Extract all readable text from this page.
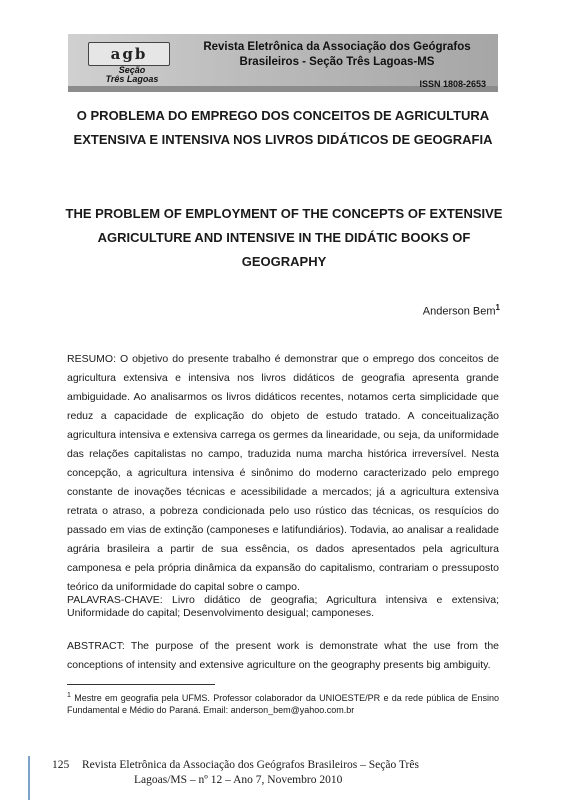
agb
Seção
Três Lagoas
Revista Eletrônica da Associação dos Geógrafos
Brasileiros - Seção Três Lagoas-MS
ISSN 1808-2653
O PROBLEMA DO EMPREGO DOS CONCEITOS DE AGRICULTURA EXTENSIVA E INTENSIVA NOS LIVROS DIDÁTICOS DE GEOGRAFIA
THE PROBLEM OF EMPLOYMENT OF THE CONCEPTS OF EXTENSIVE AGRICULTURE AND INTENSIVE IN THE DIDÁTIC BOOKS OF GEOGRAPHY
Anderson Bem$^1$

RESUMO: O objetivo do presente trabalho é demonstrar que o emprego dos conceitos de agricultura extensiva e intensiva nos livros didáticos de geografia apresenta grande ambiguidade. Ao analisarmos os livros didáticos recentes, notamos certa simplicidade que reduz a capacidade de explicação do objeto de estudo tratado. A conceitualização agricultura intensiva e extensiva carrega os germes da linearidade, ou seja, da uniformidade das relações capitalistas no campo, traduzida numa marcha histórica irreversível. Nesta concepção, a agricultura intensiva é sinônimo do moderno caracterizado pelo emprego constante de inovações técnicas e acessibilidade a mercados; já a agricultura extensiva retrata o atraso, a pobreza condicionada pelo uso rústico das técnicas, os resquícios do passado em vias de extinção (camponeses e latifundiários). Todavia, ao analisar a realidade agrária brasileira a partir de sua essência, os dados apresentados pela agricultura camponesa e pela própria dinâmica da expansão do capitalismo, contrariam o pressuposto teórico da uniformidade do capital sobre o campo.

PALAVRAS-CHAVE: Livro didático de geografia; Agricultura intensiva e extensiva; Uniformidade do capital; Desenvolvimento desigual; camponeses.

ABSTRACT: The purpose of the present work is demonstrate what the use from the conceptions of intensity and extensive agriculture on the geography presents big ambiguity.

$^1$ Mestre em geografia pela UFMS. Professor colaborador da UNIOESTE/PR e da rede pública de Ensino Fundamental e Médio do Paraná. Email: anderson_bem@yahoo.com.br

125 Revista Eletrônica da Associação dos Geógrafos Brasileiros – Seção Três
Lagoas/MS – nº 12 – Ano 7, Novembro 2010
